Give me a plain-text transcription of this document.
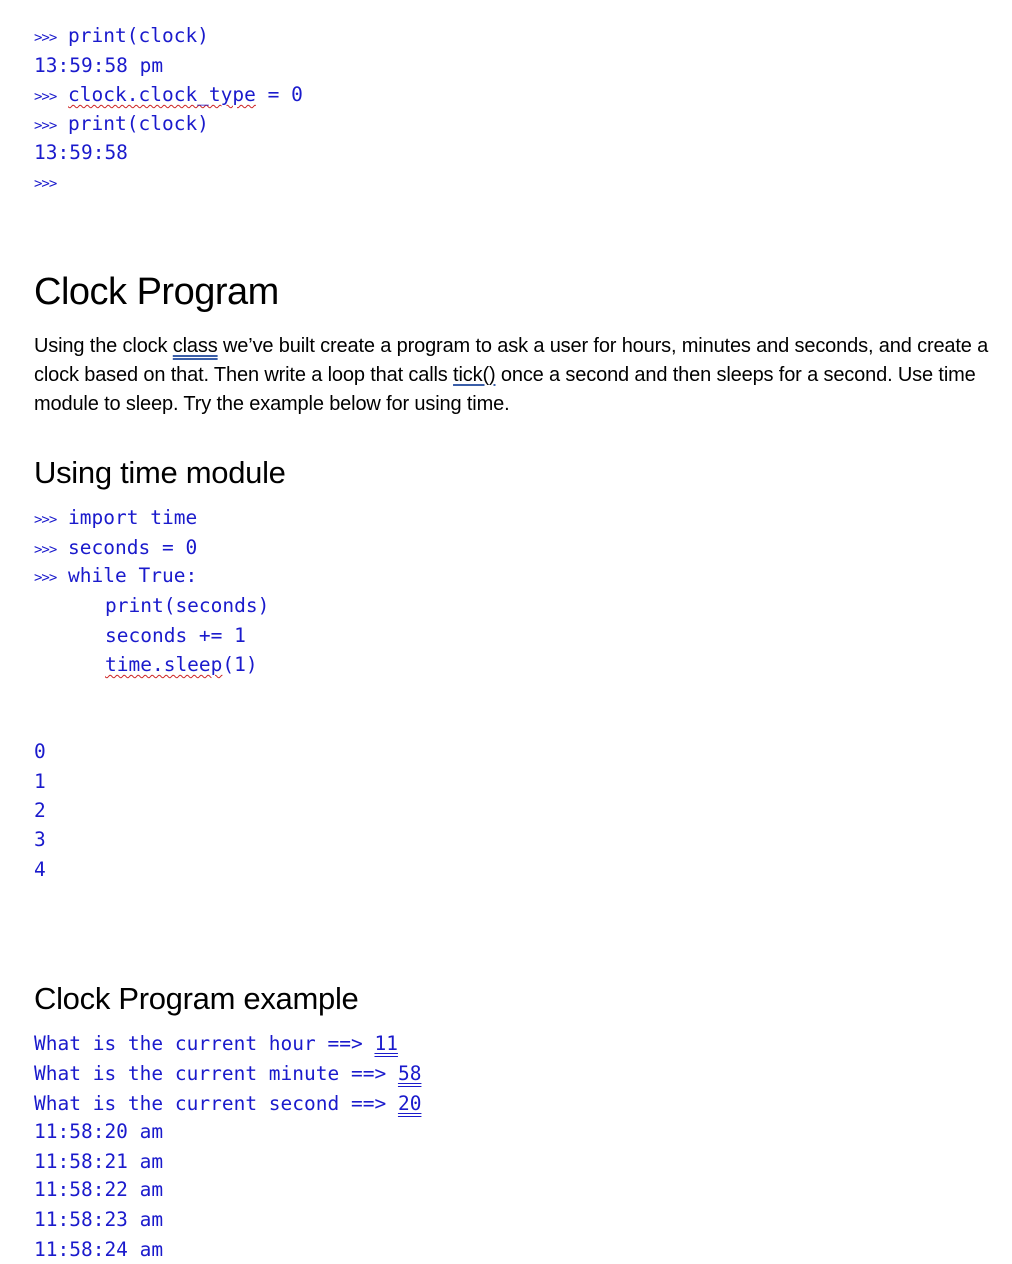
>>> print(clock)

13:59:58 pm

>>> clock.clock_type = 0

>>> print(clock)

13:59:58

>>>

Clock Program

Using the clock class we’ve built create a program to ask a user for hours, minutes and seconds, and create a clock based on that. Then write a loop that calls tick() once a second and then sleeps for a second. Use time module to sleep. Try the example below for using time.

Using time module

>>> import time

>>> seconds = 0

>>> while True:

print(seconds)

seconds += 1

time.sleep(1)

0

1

2

3

4

Clock Program example

What is the current hour ==> 11

What is the current minute ==> 58

What is the current second ==> 20

11:58:20 am

11:58:21 am

11:58:22 am

11:58:23 am

11:58:24 am
